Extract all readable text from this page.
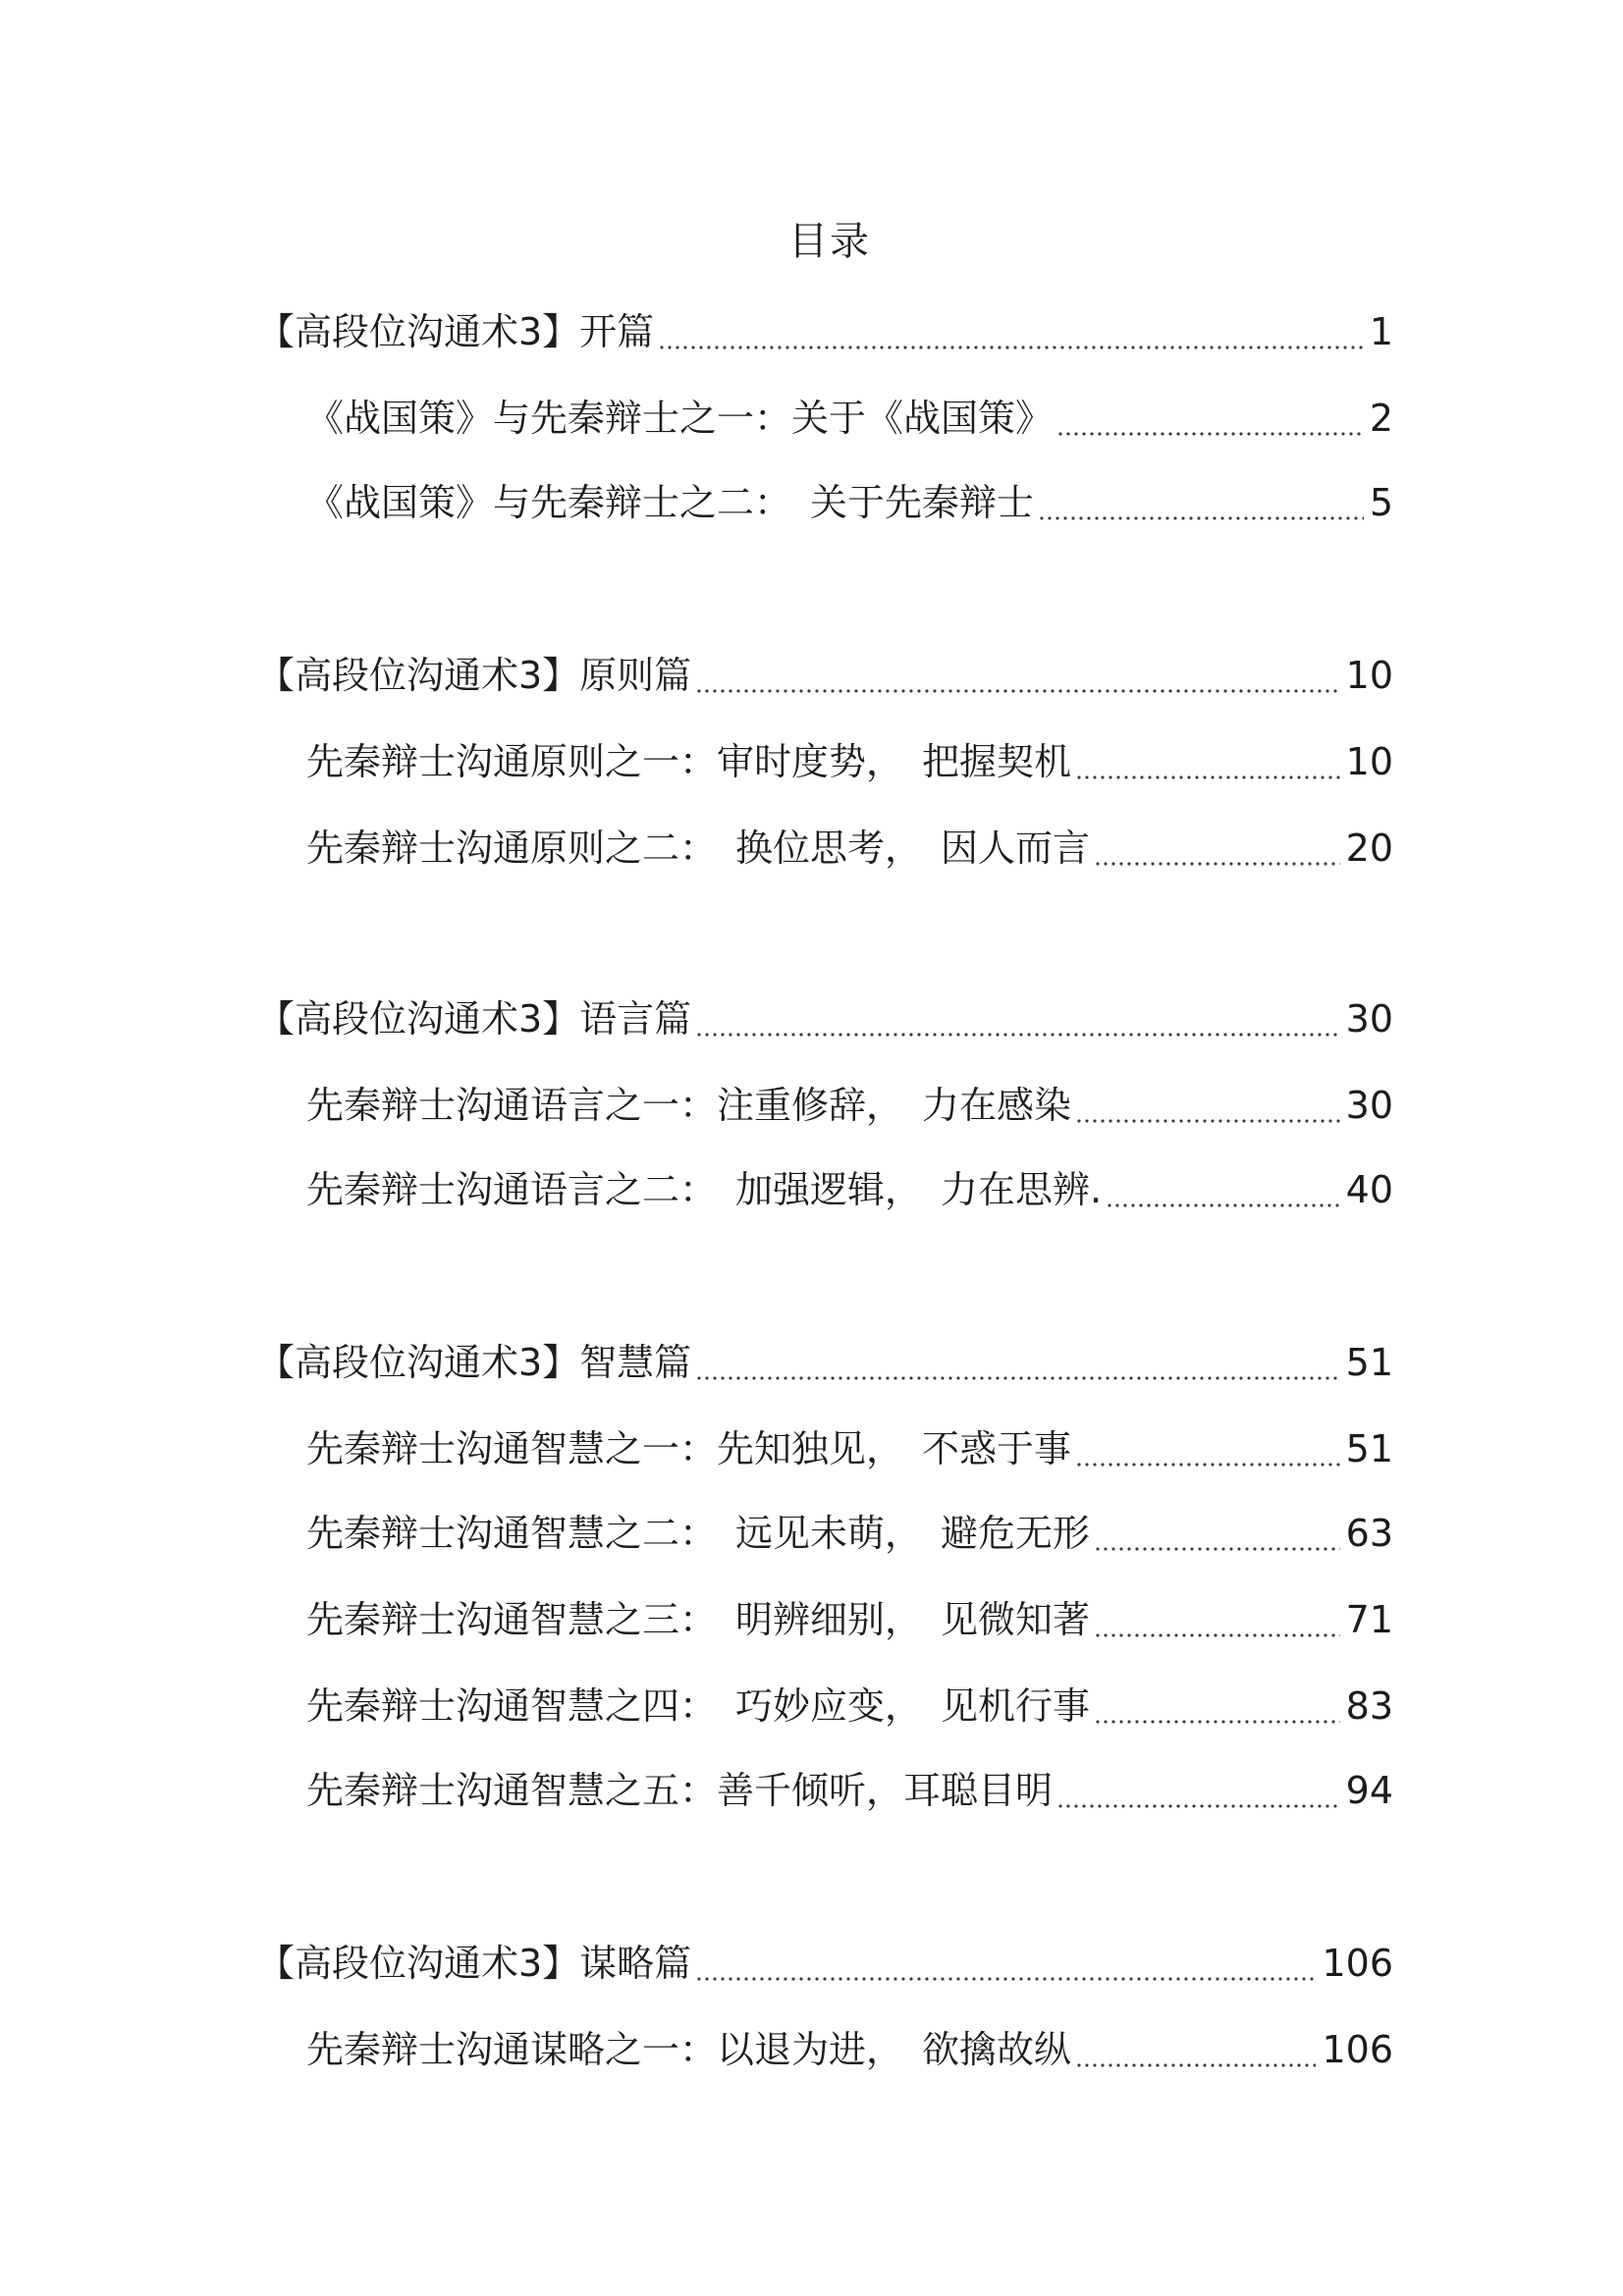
目录
【高段位沟通术3】开篇	1
《战国策》与先秦辩士之一：关于《战国策》	2
《战国策》与先秦辩士之二：　关于先秦辩士	5
【高段位沟通术3】原则篇	10
先秦辩士沟通原则之一：审时度势，　把握契机	10
先秦辩士沟通原则之二：　换位思考，　因人而言	20
【高段位沟通术3】语言篇	30
先秦辩士沟通语言之一：注重修辞，　力在感染	30
先秦辩士沟通语言之二：　加强逻辑，　力在思辨.	40
【高段位沟通术3】智慧篇	51
先秦辩士沟通智慧之一：先知独见，　不惑于事	51
先秦辩士沟通智慧之二：　远见未萌，　避危无形	63
先秦辩士沟通智慧之三：　明辨细别，　见微知著	71
先秦辩士沟通智慧之四：　巧妙应变，　见机行事	83
先秦辩士沟通智慧之五：善千倾听，耳聪目明	94
【高段位沟通术3】谋略篇	106
先秦辩士沟通谋略之一：以退为进，　欲擒故纵	106
